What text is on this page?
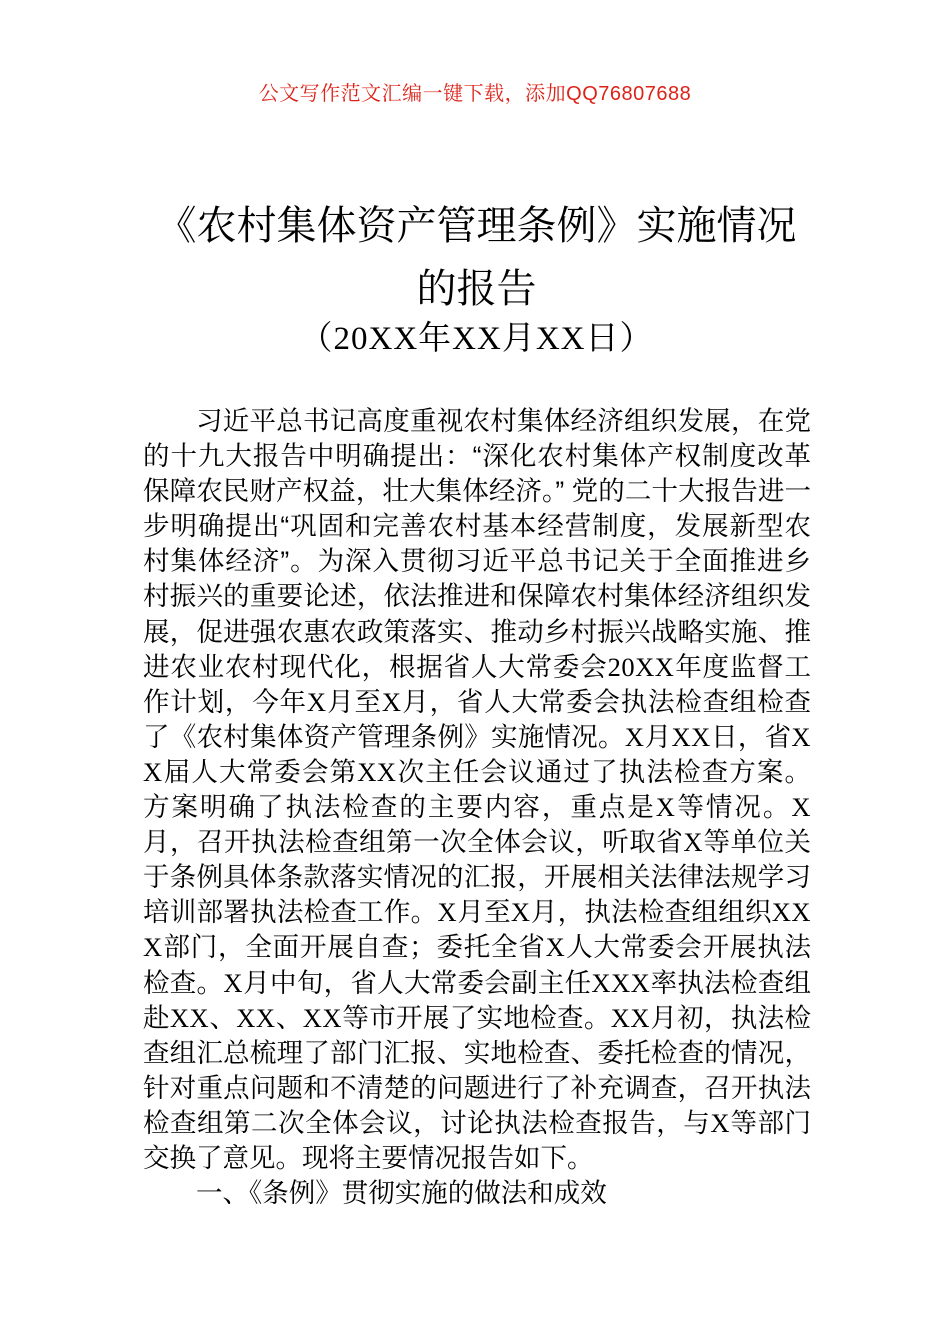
公文写作范文汇编一键下载，添加QQ76807688
《农村集体资产管理条例》实施情况的报告
（20XX年XX月XX日）

习近平总书记高度重视农村集体经济组织发展，在党的十九大报告中明确提出：“深化农村集体产权制度改革保障农民财产权益，壮大集体经济。” 党的二十大报告进一步明确提出“巩固和完善农村基本经营制度，发展新型农村集体经济”。为深入贯彻习近平总书记关于全面推进乡村振兴的重要论述，依法推进和保障农村集体经济组织发展，促进强农惠农政策落实、推动乡村振兴战略实施、推进农业农村现代化，根据省人大常委会20XX年度监督工作计划，今年X月至X月，省人大常委会执法检查组检查了《农村集体资产管理条例》实施情况。X月XX日，省XX届人大常委会第XX次主任会议通过了执法检查方案。方案明确了执法检查的主要内容，重点是X等情况。X月，召开执法检查组第一次全体会议，听取省X等单位关于条例具体条款落实情况的汇报，开展相关法律法规学习培训部署执法检查工作。X月至X月，执法检查组组织XXX部门，全面开展自查；委托全省X人大常委会开展执法检查。X月中旬，省人大常委会副主任XXX率执法检查组赴XX、XX、XX等市开展了实地检查。XX月初，执法检查组汇总梳理了部门汇报、实地检查、委托检查的情况，针对重点问题和不清楚的问题进行了补充调查，召开执法检查组第二次全体会议，讨论执法检查报告，与X等部门交换了意见。现将主要情况报告如下。

一、《条例》贯彻实施的做法和成效
